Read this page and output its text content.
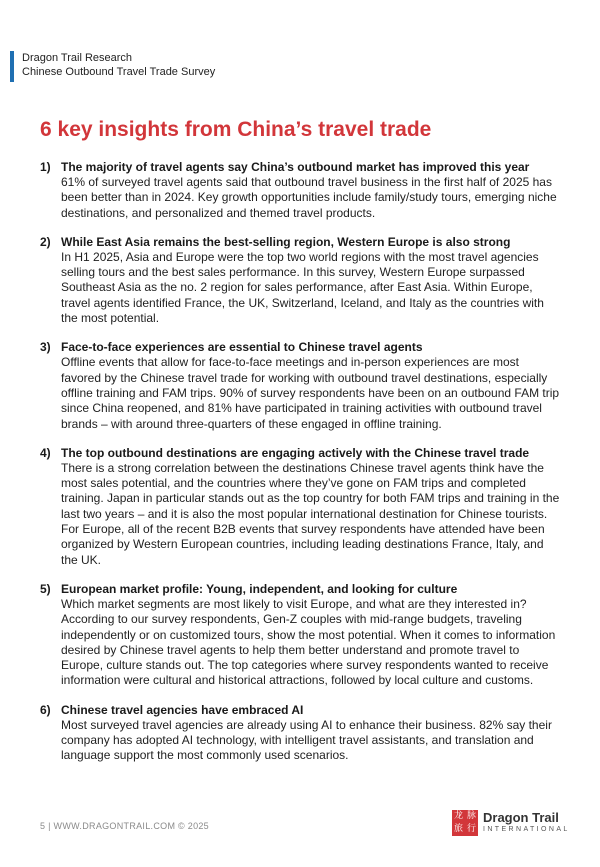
Dragon Trail Research
Chinese Outbound Travel Trade Survey
6 key insights from China’s travel trade
1) The majority of travel agents say China’s outbound market has improved this year

61% of surveyed travel agents said that outbound travel business in the first half of 2025 has been better than in 2024. Key growth opportunities include family/study tours, emerging niche destinations, and personalized and themed travel products.

2) While East Asia remains the best-selling region, Western Europe is also strong

In H1 2025, Asia and Europe were the top two world regions with the most travel agencies selling tours and the best sales performance. In this survey, Western Europe surpassed Southeast Asia as the no. 2 region for sales performance, after East Asia. Within Europe, travel agents identified France, the UK, Switzerland, Iceland, and Italy as the countries with the most potential.

3) Face-to-face experiences are essential to Chinese travel agents

Offline events that allow for face-to-face meetings and in-person experiences are most favored by the Chinese travel trade for working with outbound travel destinations, especially offline training and FAM trips. 90% of survey respondents have been on an outbound FAM trip since China reopened, and 81% have participated in training activities with outbound travel brands – with around three-quarters of these engaged in offline training.

4) The top outbound destinations are engaging actively with the Chinese travel trade

There is a strong correlation between the destinations Chinese travel agents think have the most sales potential, and the countries where they’ve gone on FAM trips and completed training. Japan in particular stands out as the top country for both FAM trips and training in the last two years – and it is also the most popular international destination for Chinese tourists. For Europe, all of the recent B2B events that survey respondents have attended have been organized by Western European countries, including leading destinations France, Italy, and the UK.

5) European market profile: Young, independent, and looking for culture

Which market segments are most likely to visit Europe, and what are they interested in? According to our survey respondents, Gen-Z couples with mid-range budgets, traveling independently or on customized tours, show the most potential. When it comes to information desired by Chinese travel agents to help them better understand and promote travel to Europe, culture stands out. The top categories where survey respondents wanted to receive information were cultural and historical attractions, followed by local culture and customs.

6) Chinese travel agencies have embraced AI

Most surveyed travel agencies are already using AI to enhance their business. 82% say their company has adopted AI technology, with intelligent travel assistants, and translation and language support the most commonly used scenarios.

5 | WWW.DRAGONTRAIL.COM © 2025
龙 脉
旅 行
Dragon Trail
INTERNATIONAL
